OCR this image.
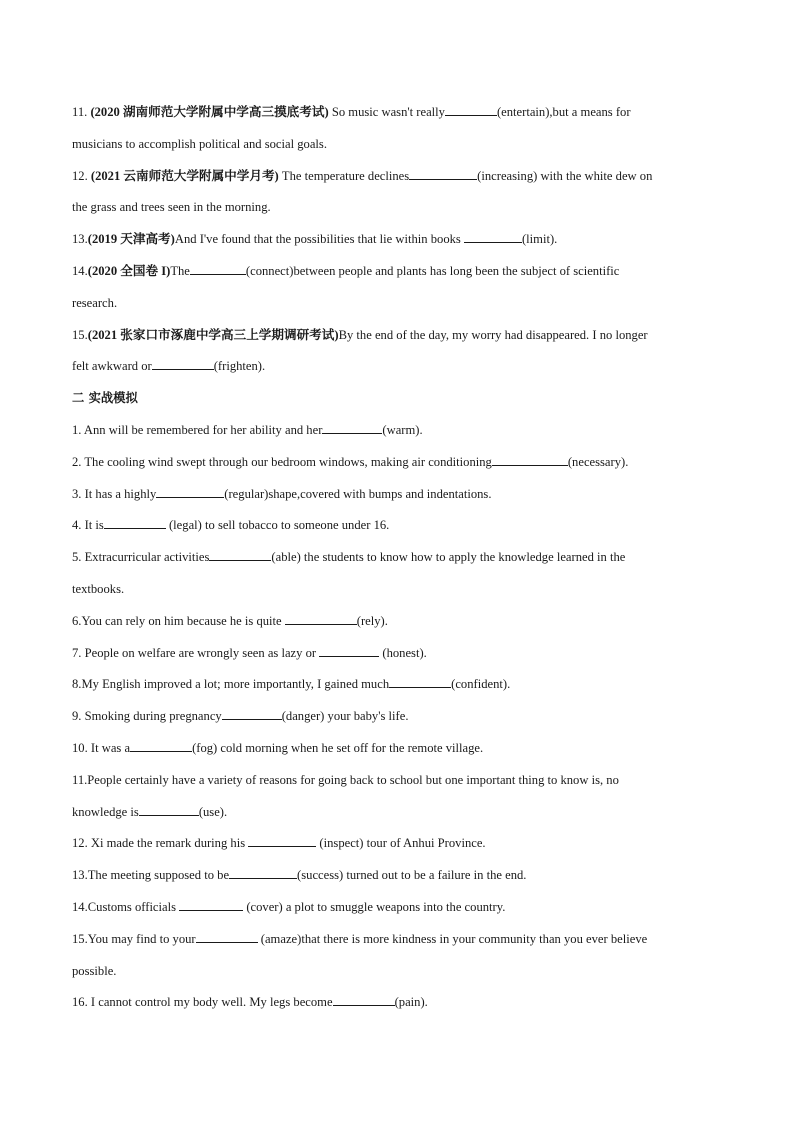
11. (2020 湖南师范大学附属中学高三摸底考试) So music wasn't really	(entertain),but a means for
musicians to accomplish political and social goals.
12. (2021 云南师范大学附属中学月考) The temperature declines	(increasing) with the white dew on
the grass and trees seen in the morning.
13.(2019 天津高考)And I've found that the possibilities that lie within books	(limit).
14.(2020 全国卷 I)The	(connect)between people and plants has long been the subject of scientific
research.
15.(2021 张家口市涿鹿中学高三上学期调研考试)By the end of the day, my worry had disappeared. I no longer
felt awkward or	(frighten).
二 实战模拟
1. Ann will be remembered for her ability and her	(warm).
2. The cooling wind swept through our bedroom windows, making air conditioning	(necessary).
3. It has a highly	(regular)shape,covered with bumps and indentations.
4. It is	(legal) to sell tobacco to someone under 16.
5. Extracurricular activities	(able) the students to know how to apply the knowledge learned in the
textbooks.
6.You can rely on him because he is quite	(rely).
7. People on welfare are wrongly seen as lazy or	(honest).
8.My English improved a lot; more importantly, I gained much	(confident).
9. Smoking during pregnancy	(danger) your baby's life.
10. It was a	(fog) cold morning when he set off for the remote village.
11.People certainly have a variety of reasons for going back to school but one important thing to know is, no
knowledge is	(use).
12. Xi made the remark during his	(inspect) tour of Anhui Province.
13.The meeting supposed to be	(success) turned out to be a failure in the end.
14.Customs officials	(cover) a plot to smuggle weapons into the country.
15.You may find to your	(amaze)that there is more kindness in your community than you ever believe
possible.
16. I cannot control my body well. My legs become	(pain).
